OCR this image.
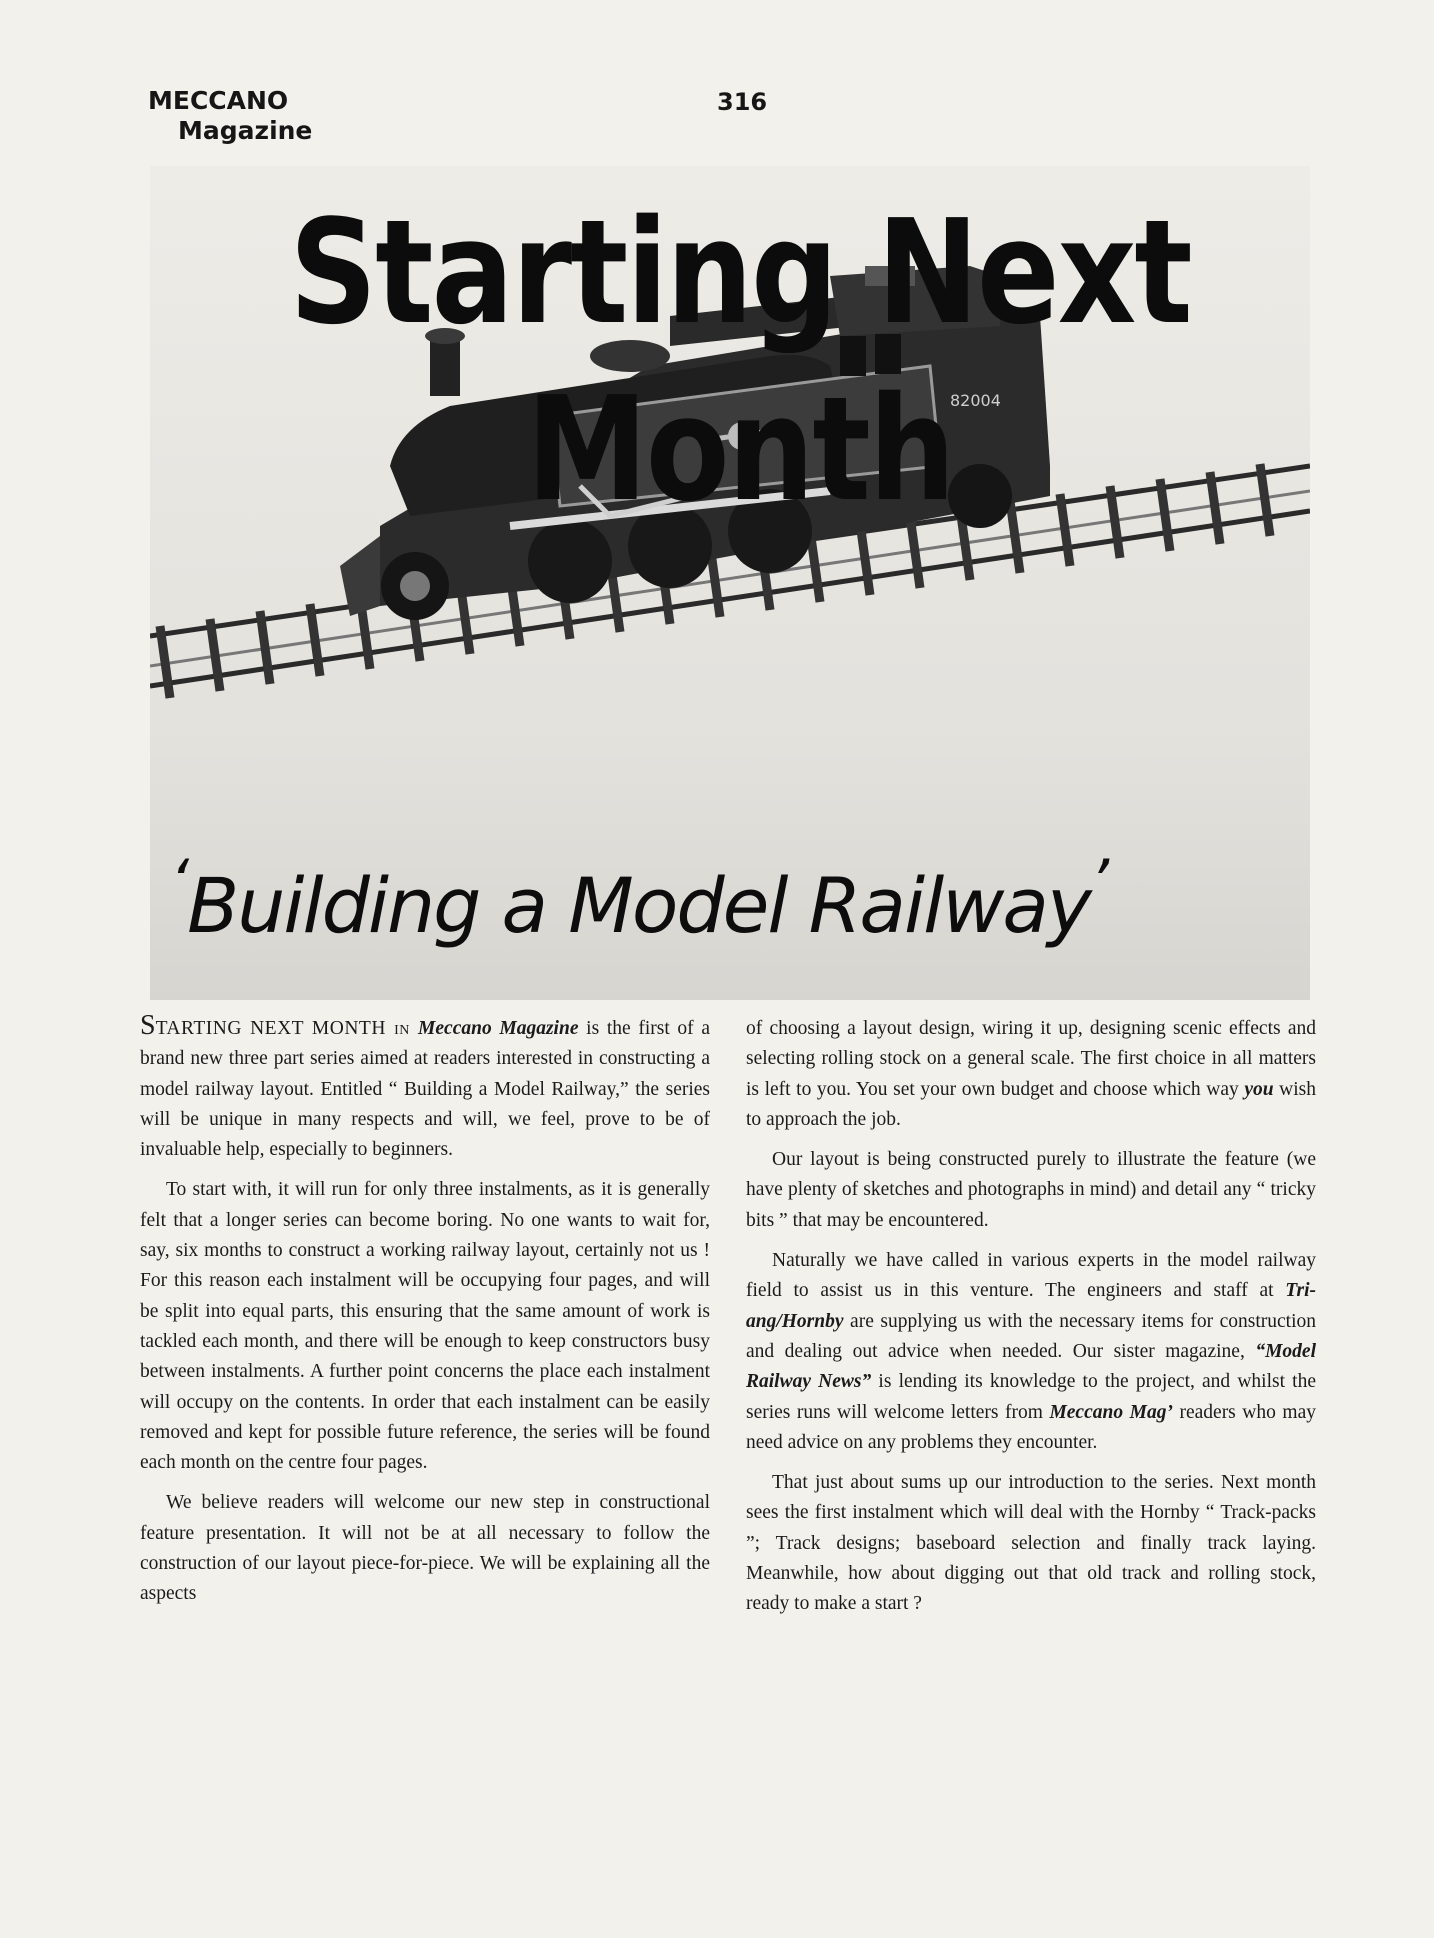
MECCANO
Magazine
316
82004
Starting Next Month
‘Building a Model Railway’

STARTING NEXT MONTH in Meccano Magazine is the first of a brand new three part series aimed at readers interested in constructing a model railway layout. Entitled “ Building a Model Railway,” the series will be unique in many respects and will, we feel, prove to be of invaluable help, especially to beginners.

To start with, it will run for only three instalments, as it is generally felt that a longer series can become boring. No one wants to wait for, say, six months to construct a working railway layout, certainly not us ! For this reason each instalment will be occupying four pages, and will be split into equal parts, this ensuring that the same amount of work is tackled each month, and there will be enough to keep constructors busy between instalments. A further point concerns the place each instalment will occupy on the contents. In order that each instalment can be easily removed and kept for possible future reference, the series will be found each month on the centre four pages.

We believe readers will welcome our new step in constructional feature presentation. It will not be at all necessary to follow the construction of our layout piece-for-piece. We will be explaining all the aspects

of choosing a layout design, wiring it up, designing scenic effects and selecting rolling stock on a general scale. The first choice in all matters is left to you. You set your own budget and choose which way you wish to approach the job.

Our layout is being constructed purely to illustrate the feature (we have plenty of sketches and photographs in mind) and detail any “ tricky bits ” that may be encountered.

Naturally we have called in various experts in the model railway field to assist us in this venture. The engineers and staff at Tri-ang/Hornby are supplying us with the necessary items for construction and dealing out advice when needed. Our sister magazine, “Model Railway News” is lending its knowledge to the project, and whilst the series runs will welcome letters from Meccano Mag’ readers who may need advice on any problems they encounter.

That just about sums up our introduction to the series. Next month sees the first instalment which will deal with the Hornby “ Track-packs ”; Track designs; baseboard selection and finally track laying. Meanwhile, how about digging out that old track and rolling stock, ready to make a start ?
